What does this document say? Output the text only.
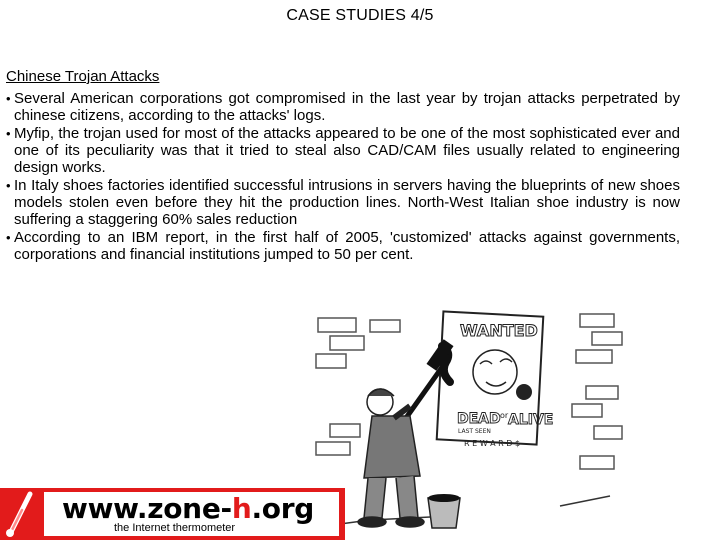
CASE STUDIES 4/5
Chinese Trojan Attacks
• Several American corporations got compromised in the last year by trojan attacks perpetrated by chinese citizens, according to the attacks' logs.
• Myfip, the trojan used for most of the attacks appeared to be one of the most sophisticated ever and one of its peculiarity was that it tried to steal also CAD/CAM files usually related to engineering design works.
• In Italy shoes factories identified successful intrusions in servers having the blueprints of new shoes models stolen even before they hit the production lines. North-West Italian shoe industry is now suffering a staggering 60% sales reduction
• According to an IBM report, in the first half of 2005, 'customized' attacks against governments, corporations and financial institutions jumped to 50 per cent.
WANTED
DEAD or ALIVE
LAST SEEN
R E W A R D $
www.zone-h.org
the Internet thermometer
